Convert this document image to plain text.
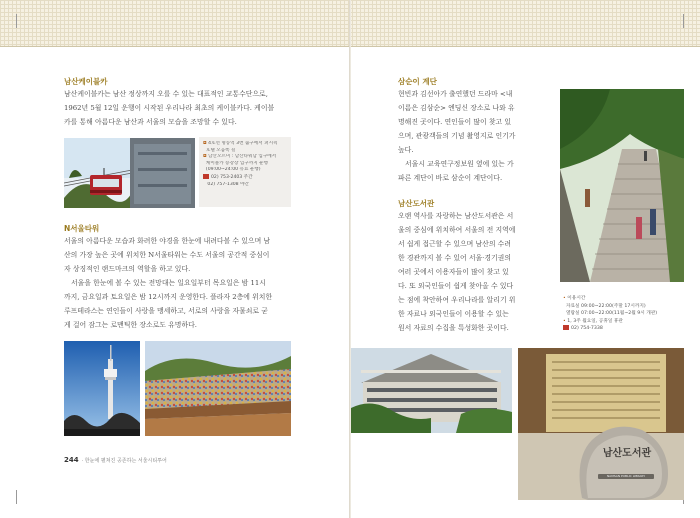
남산케이블카
남산케이블카는 남산 정상까지 오를 수 있는 대표적인 교통수단으로,
1962년 5월 12일 운행이 시작된 우리나라 최초의 케이블카다. 케이블
카를 통해 아름다운 남산과 서울의 모습을 조망할 수 있다.
◘ 4호선 명동역 3번 출구에서 퍼시픽
호텔 오음쪽 길
◘ 남산오르미 : 남산타워남 입구에서
케이블카 승강장 입구까지 운행
(09:00~24:00 유료 운행)
02) 753-2403 주간
02) 757-1308 야간
N서울타워
서울의 아름다운 모습과 화려한 야경을 한눈에 내려다볼 수 있으며 남
산의 가장 높은 곳에 위치한 N서울타워는 수도 서울의 공간적 중심이
자 상징적인 랜드마크의 역할을 하고 있다.
서울을 한눈에 볼 수 있는 전망대는 일요일부터 목요일은 밤 11시
까지, 금요일과 토요일은 밤 12시까지 운영한다. 플라자 2층에 위치한
루프테라스는 연인들이 사랑을 맹세하고, 서로의 사랑을 자물쇠로 굳
게 걸어 잠그는 로맨틱한 장소로도 유명하다.
244 · 한눈에 펼쳐진 공존하는 서울시티투어
삼순이 계단
현빈과 김선아가 출연했던 드라마 <내
이름은 김삼순> 엔딩신 장소로 나와 유
명해진 곳이다. 연인들이 많이 찾고 있
으며, 관광객들의 기념 촬영지로 인기가
높다.
서울시 교육연구정보원 옆에 있는 가
파른 계단이 바로 삼순이 계단이다.
남산도서관
오랜 역사를 자랑하는 남산도서관은 서
울의 중심에 위치하여 서울의 전 지역에
서 쉽게 접근할 수 있으며 남산의 수려
한 경관까지 볼 수 있어 서울·경기권의
여러 곳에서 이용자들이 많이 찾고 있
다. 또 외국인들이 쉽게 찾아올 수 있다
는 점에 착안하여 우리나라를 알리기 위
한 자료나 외국인들이 이용할 수 있는
원서 자료의 수집을 특성화한 곳이다.
• 이용시간
자료실 09:00~22:00(주말 17시까지)
열람실 07:00~22:00(11월~2월 9시 개관)
• 1, 3주 월요일, 공휴일 휴관
02) 754-7338
남산도서관
NAMSAN PUBLIC LIBRARY
